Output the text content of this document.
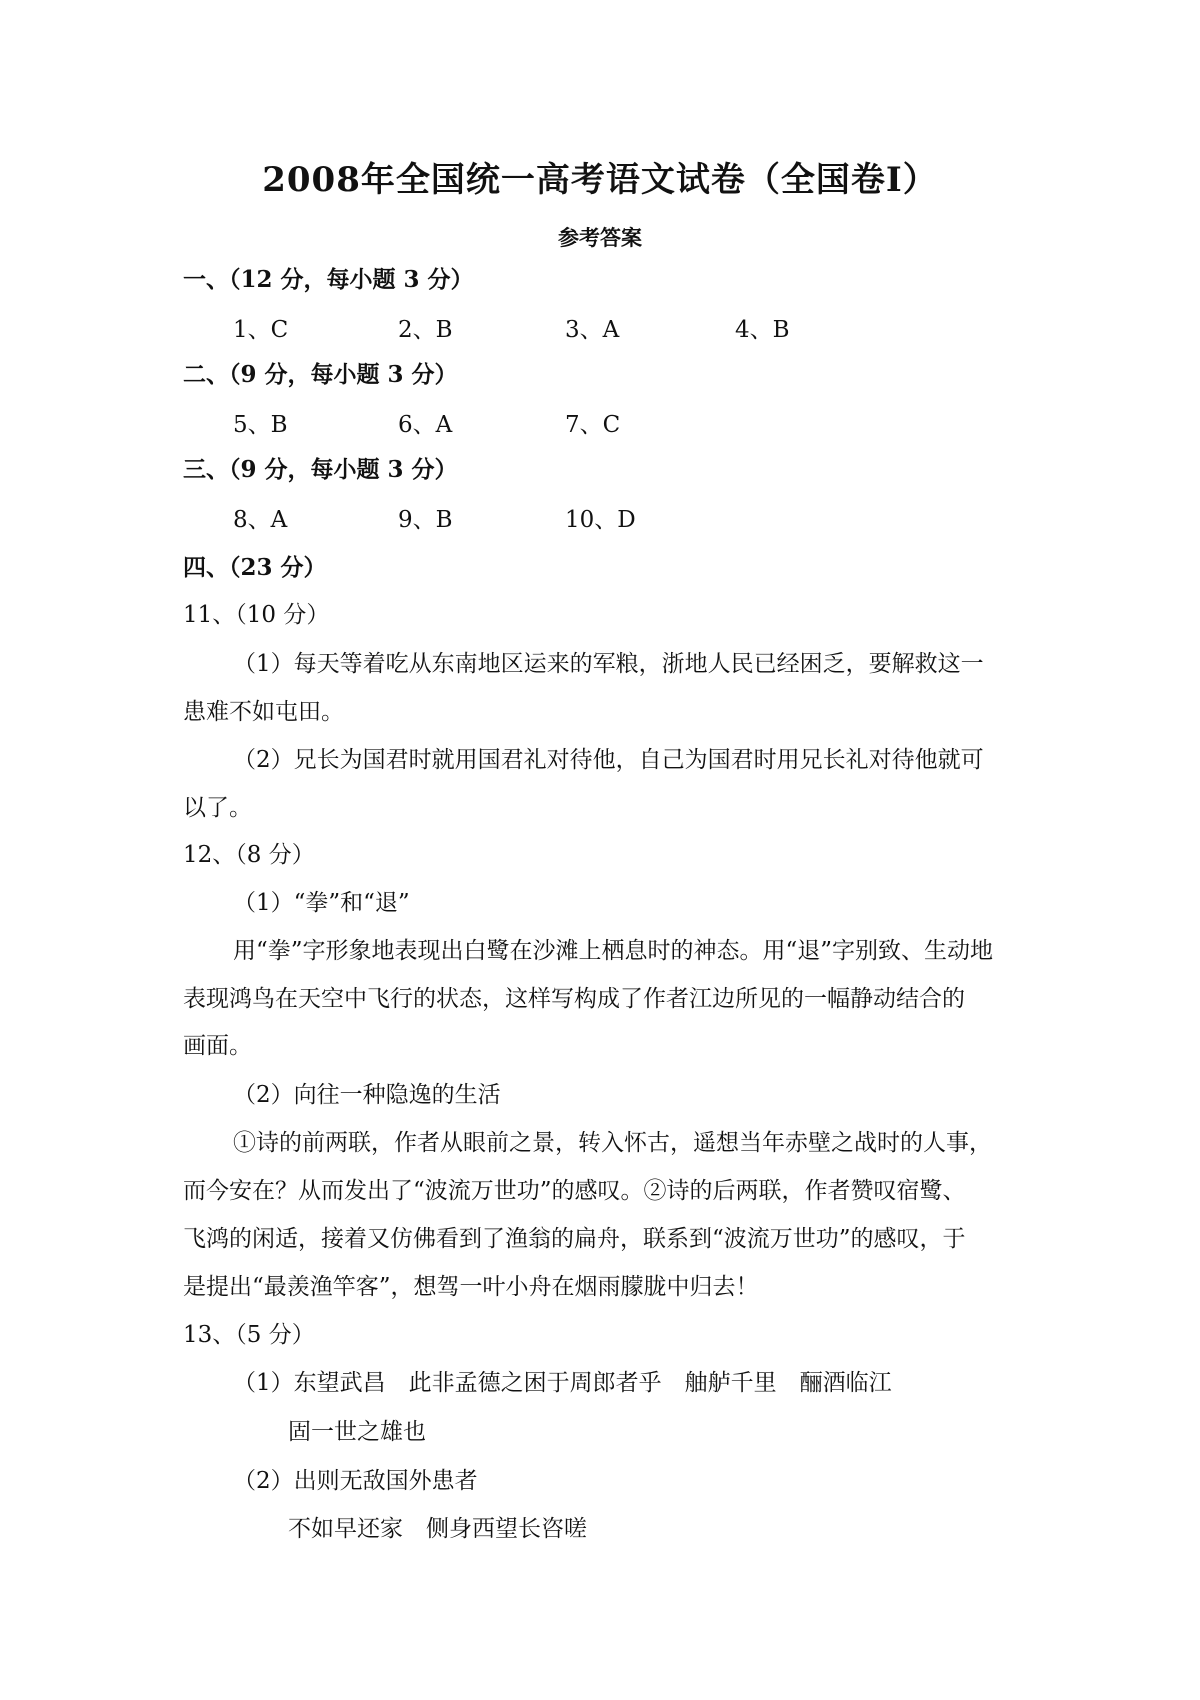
2008年全国统一高考语文试卷（全国卷Ⅰ）
参考答案
一、（12 分，每小题 3 分）
1、C	2、B	3、A	4、B
二、（9 分，每小题 3 分）
5、B	6、A	7、C
三、（9 分，每小题 3 分）
8、A	9、B	10、D
四、（23 分）
11、（10 分）
（1）每天等着吃从东南地区运来的军粮，浙地人民已经困乏，要解救这一
患难不如屯田。
（2）兄长为国君时就用国君礼对待他，自己为国君时用兄长礼对待他就可
以了。
12、（8 分）
（1）“拳”和“退”
用“拳”字形象地表现出白鹭在沙滩上栖息时的神态。用“退”字别致、生动地
表现鸿鸟在天空中飞行的状态，这样写构成了作者江边所见的一幅静动结合的
画面。
（2）向往一种隐逸的生活
①诗的前两联，作者从眼前之景，转入怀古，遥想当年赤壁之战时的人事，
而今安在？从而发出了“波流万世功”的感叹。②诗的后两联，作者赞叹宿鹭、
飞鸿的闲适，接着又仿佛看到了渔翁的扁舟，联系到“波流万世功”的感叹，于
是提出“最羡渔竿客”，想驾一叶小舟在烟雨朦胧中归去！
13、（5 分）
（1）东望武昌　此非孟德之困于周郎者乎　舳舻千里　酾酒临江
固一世之雄也
（2）出则无敌国外患者
不如早还家　侧身西望长咨嗟
